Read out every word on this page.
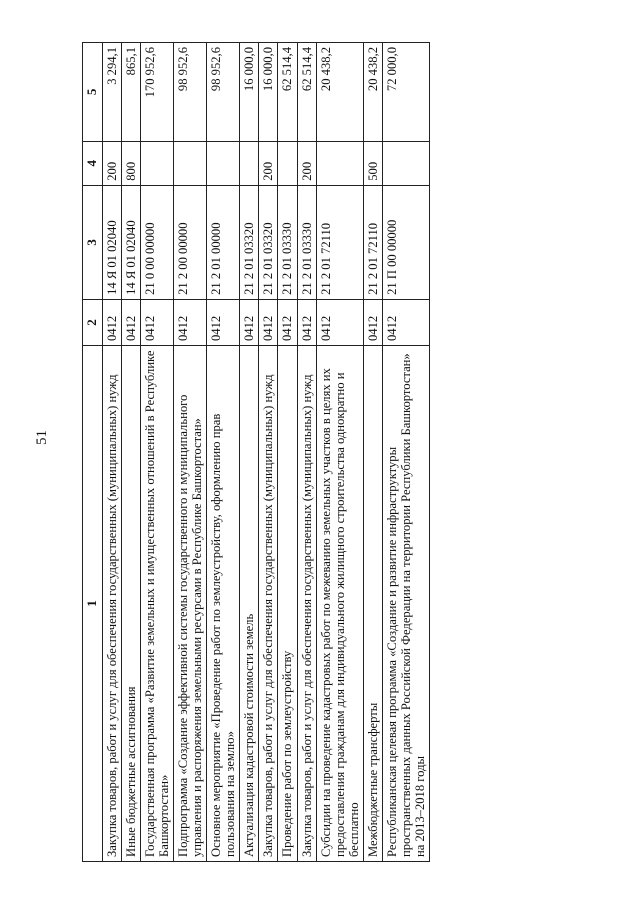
51
1	2	3	4	5
Закупка товаров, работ и услуг для обеспечения государственных (муниципальных) нужд	0412	14 Я 01 02040	200	3 294,1
Иные бюджетные ассигнования	0412	14 Я 01 02040	800	865,1
Государственная программа «Развитие земельных и имущественных отношений в Республике Башкортостан»	0412	21 0 00 00000		170 952,6
Подпрограмма «Создание эффективной системы государственного и муниципального управления и распоряжения земельными ресурсами в Республике Башкортостан»	0412	21 2 00 00000		98 952,6
Основное мероприятие «Проведение работ по землеустройству, оформлению прав пользования на землю»	0412	21 2 01 00000		98 952,6
Актуализация кадастровой стоимости земель	0412	21 2 01 03320		16 000,0
Закупка товаров, работ и услуг для обеспечения государственных (муниципальных) нужд	0412	21 2 01 03320	200	16 000,0
Проведение работ по землеустройству	0412	21 2 01 03330		62 514,4
Закупка товаров, работ и услуг для обеспечения государственных (муниципальных) нужд	0412	21 2 01 03330	200	62 514,4
Субсидии на проведение кадастровых работ по межеванию земельных участков в целях их предоставления гражданам для индивидуального жилищного строительства однократно и бесплатно	0412	21 2 01 72110		20 438,2
Межбюджетные трансферты	0412	21 2 01 72110	500	20 438,2
Республиканская целевая программа «Создание и развитие инфраструктуры пространственных данных Российской Федерации на территории Республики Башкортостан» на 2013–2018 годы	0412	21 П 00 00000		72 000,0
